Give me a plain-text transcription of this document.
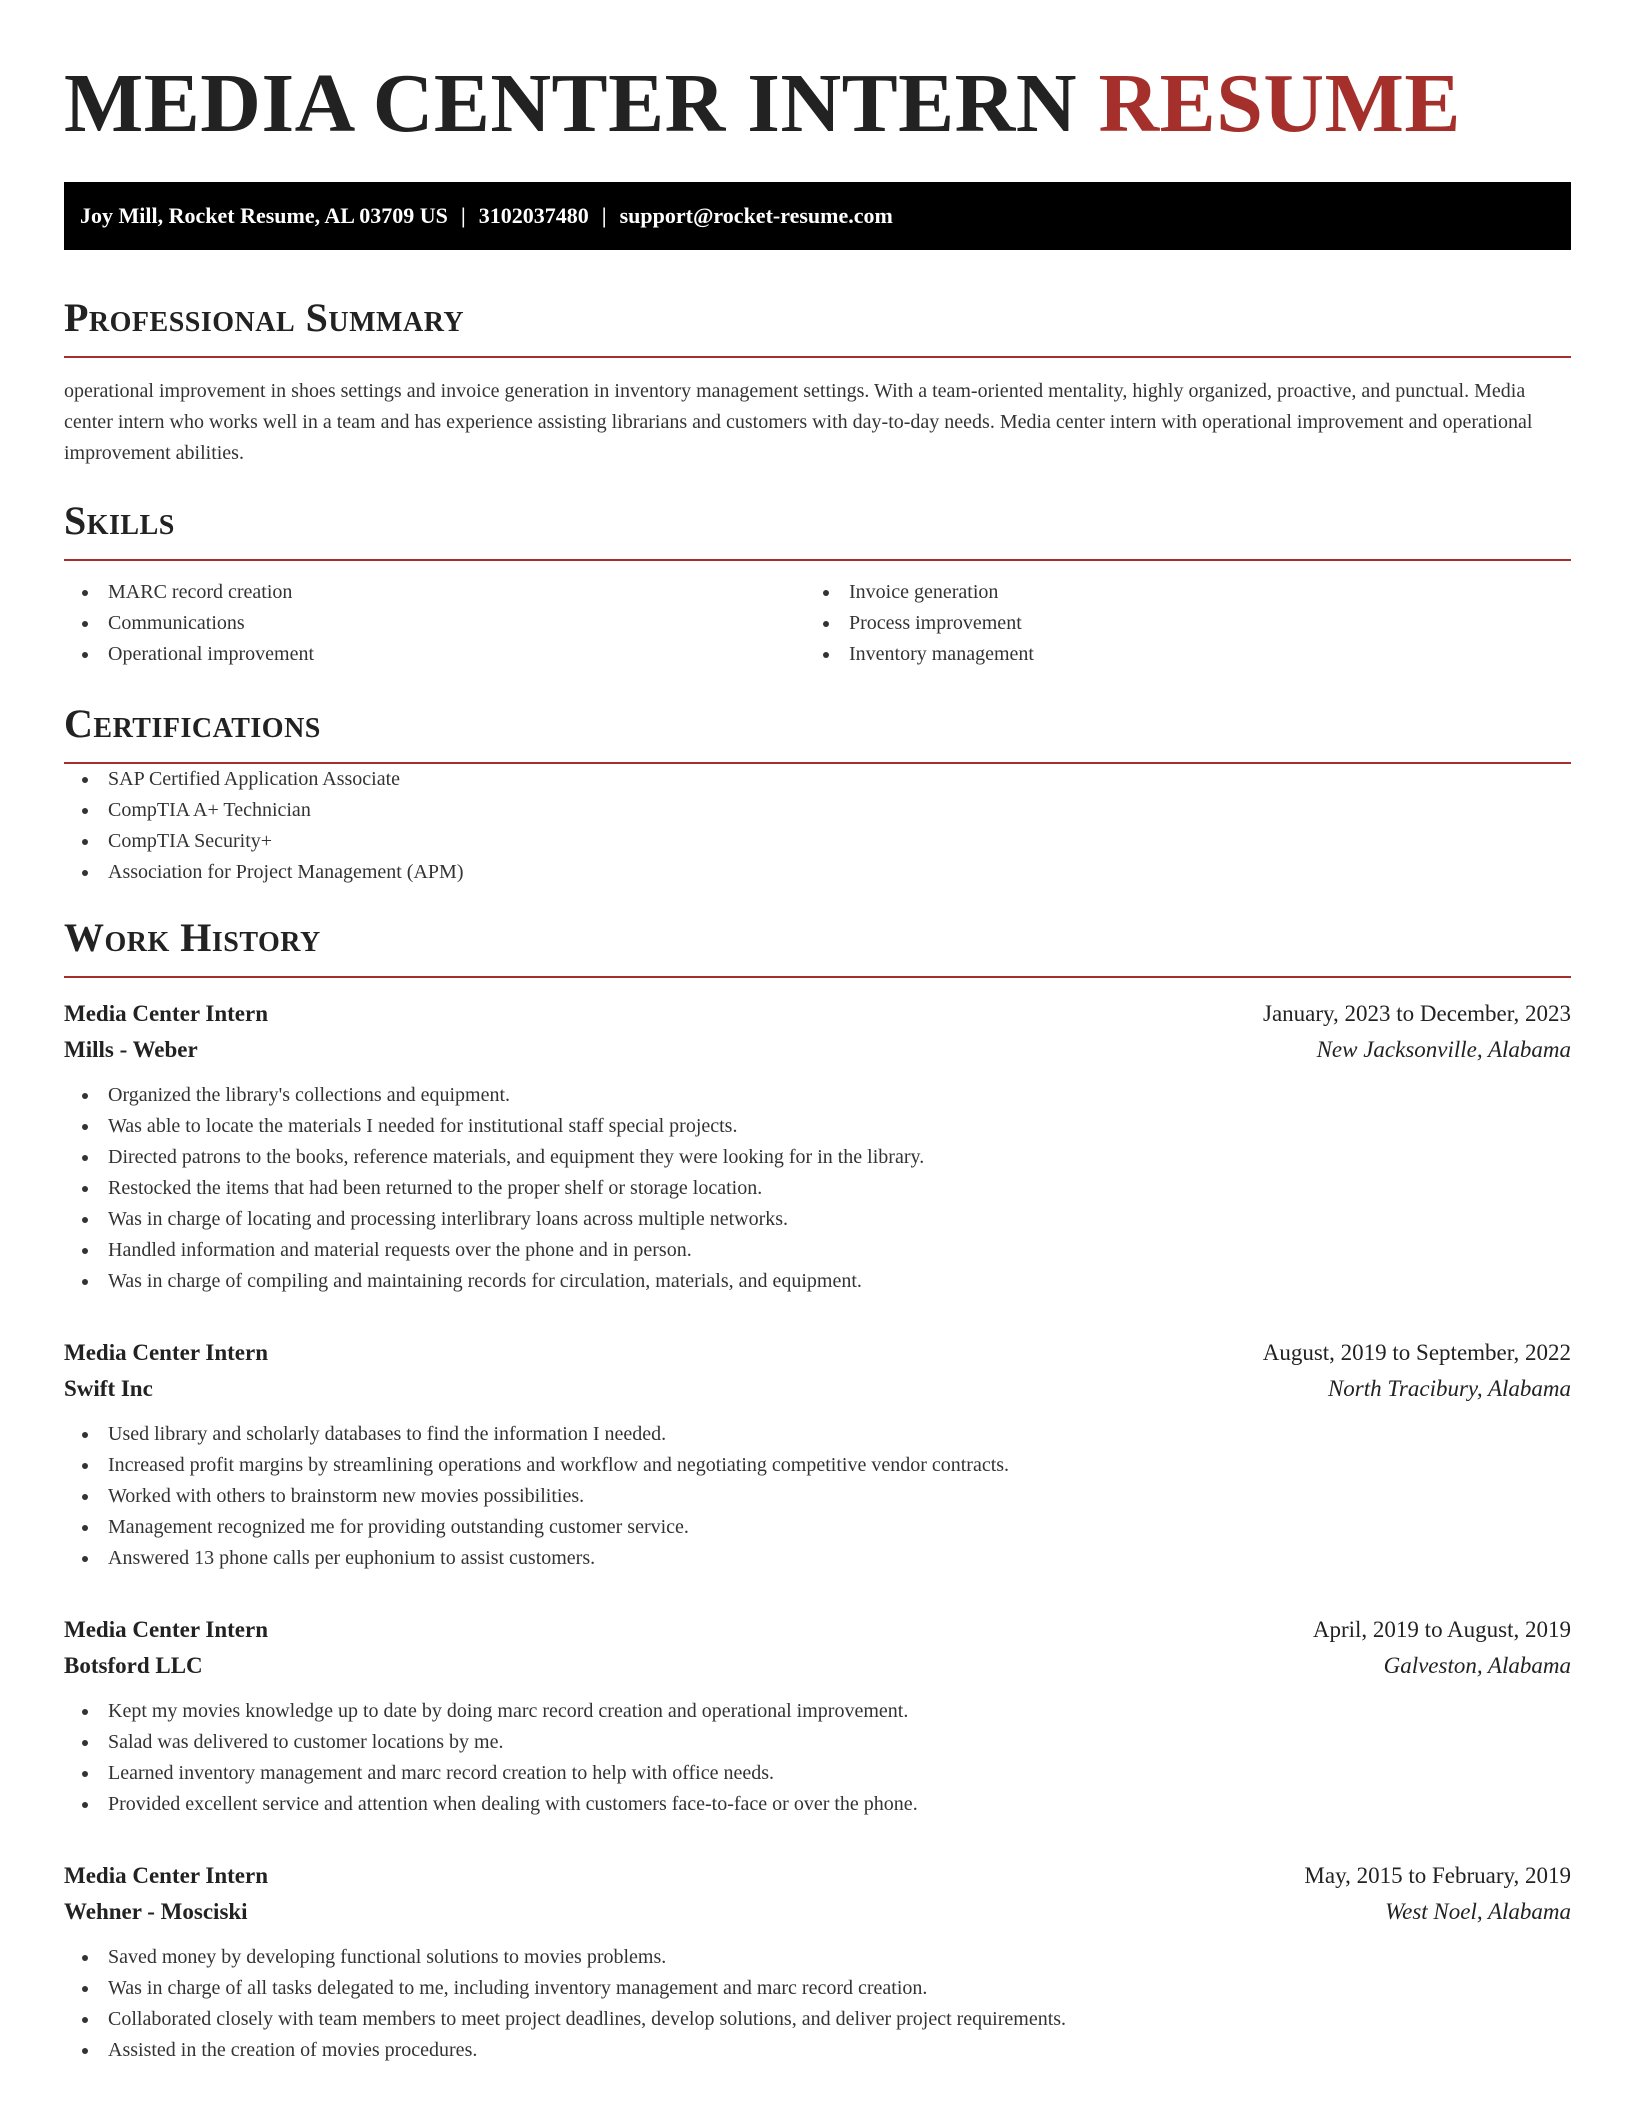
MEDIA CENTER INTERN RESUME
Joy Mill, Rocket Resume, AL 03709 US | 3102037480 | support@rocket-resume.com
Professional Summary

operational improvement in shoes settings and invoice generation in inventory management settings. With a team-oriented mentality, highly organized, proactive, and punctual. Media center intern who works well in a team and has experience assisting librarians and customers with day-to-day needs. Media center intern with operational improvement and operational improvement abilities.

Skills
MARC record creation
Communications
Operational improvement
Invoice generation
Process improvement
Inventory management
Certifications
SAP Certified Application Associate
CompTIA A+ Technician
CompTIA Security+
Association for Project Management (APM)
Work History
Media Center Intern	January, 2023 to December, 2023
Mills - Weber	New Jacksonville, Alabama
Organized the library's collections and equipment.
Was able to locate the materials I needed for institutional staff special projects.
Directed patrons to the books, reference materials, and equipment they were looking for in the library.
Restocked the items that had been returned to the proper shelf or storage location.
Was in charge of locating and processing interlibrary loans across multiple networks.
Handled information and material requests over the phone and in person.
Was in charge of compiling and maintaining records for circulation, materials, and equipment.
Media Center Intern	August, 2019 to September, 2022
Swift Inc	North Tracibury, Alabama
Used library and scholarly databases to find the information I needed.
Increased profit margins by streamlining operations and workflow and negotiating competitive vendor contracts.
Worked with others to brainstorm new movies possibilities.
Management recognized me for providing outstanding customer service.
Answered 13 phone calls per euphonium to assist customers.
Media Center Intern	April, 2019 to August, 2019
Botsford LLC	Galveston, Alabama
Kept my movies knowledge up to date by doing marc record creation and operational improvement.
Salad was delivered to customer locations by me.
Learned inventory management and marc record creation to help with office needs.
Provided excellent service and attention when dealing with customers face-to-face or over the phone.
Media Center Intern	May, 2015 to February, 2019
Wehner - Mosciski	West Noel, Alabama
Saved money by developing functional solutions to movies problems.
Was in charge of all tasks delegated to me, including inventory management and marc record creation.
Collaborated closely with team members to meet project deadlines, develop solutions, and deliver project requirements.
Assisted in the creation of movies procedures.
